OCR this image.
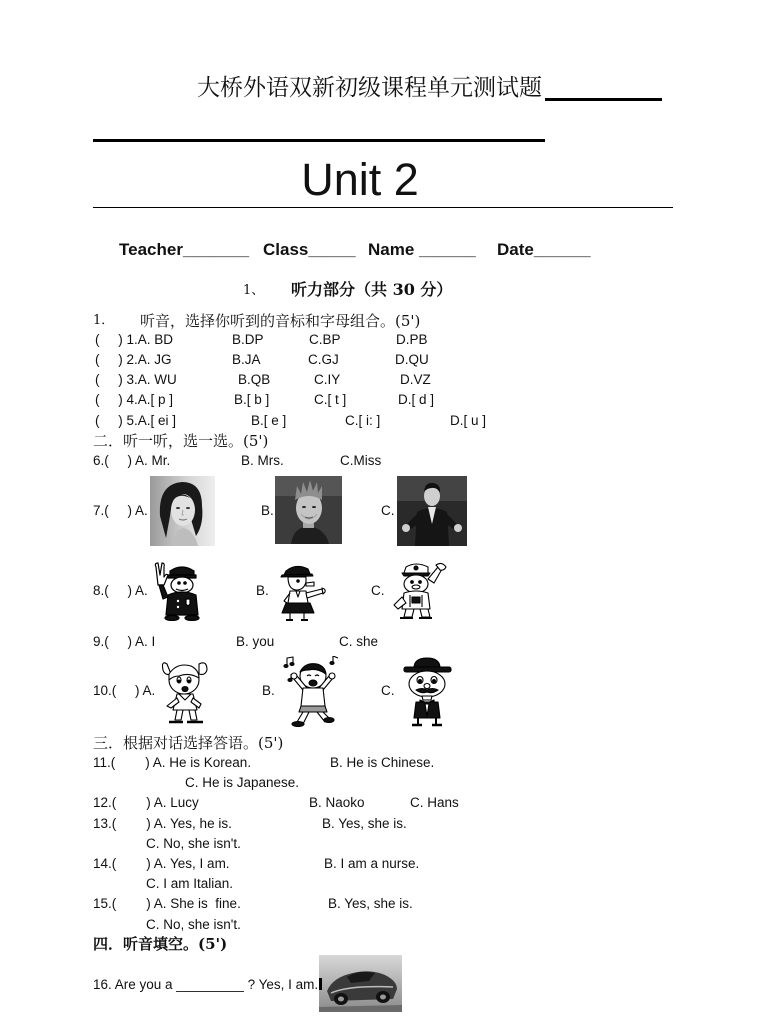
大桥外语双新初级课程单元测试题
Unit 2
Teacher_______ Class_____ Name ______ Date______
1、 听力部分（共 30 分）
1． 听音，选择你听到的音标和字母组合。(5')
(     ) 1.A. BD	B.DP	C.BP	D.PB
(     ) 2.A. JG	B.JA	C.GJ	D.QU
(     ) 3.A. WU	B.QB	C.IY	D.VZ
(     ) 4.A.[ p ]	B.[ b ]	C.[ t ]	D.[ d ]
(     ) 5.A.[ ei ]	B.[ e ]	C.[ i: ]	D.[ u ]
二．听一听，选一选。(5')
6.(     ) A. Mr.	B. Mrs.	C.Miss
7.(     ) A.	B.	C.
8.(     ) A.	B.	C.
9.(     ) A. I	B. you	C. she
10.(     ) A.	B.	C.
三．根据对话选择答语。(5')
11.(        ) A. He is Korean.	B. He is Chinese.
C. He is Japanese.
12.(        ) A. Lucy	B. Naoko	C. Hans
13.(        ) A. Yes, he is.	B. Yes, she is.
C. No, she isn't.
14.(        ) A. Yes, I am.	B. I am a nurse.
C. I am Italian.
15.(        ) A. She is  fine.	B. Yes, she is.
C. No, she isn't.
四．听音填空。(5')
16. Are you a _________ ? Yes, I am.
